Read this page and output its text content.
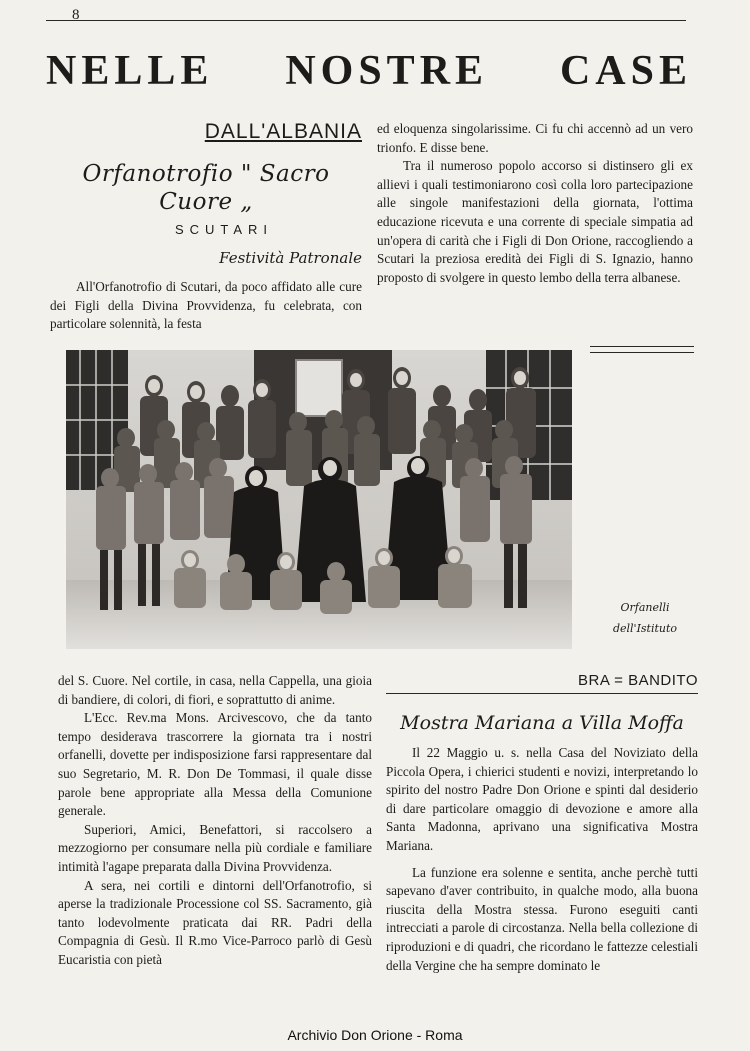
8
NELLE NOSTRE CASE
DALL'ALBANIA
Orfanotrofio " Sacro Cuore „
SCUTARI
Festività Patronale

All'Orfanotrofio di Scutari, da poco affidato alle cure dei Figli della Divina Provvidenza, fu celebrata, con particolare solennità, la festa

ed eloquenza singolarissime. Ci fu chi accennò ad un vero trionfo. E disse bene.

Tra il numeroso popolo accorso si distinsero gli ex allievi i quali testimoniarono così colla loro partecipazione alle singole manifestazioni della giornata, l'ottima educazione ricevuta e una corrente di speciale simpatia ad un'opera di carità che i Figli di Don Orione, raccogliendo a Scutari la preziosa eredità dei Figli di S. Ignazio, hanno proposto di svolgere in questo lembo della terra albanese.

Orfanelli
dell'Istituto

del S. Cuore. Nel cortile, in casa, nella Cappella, una gioia di bandiere, di colori, di fiori, e soprattutto di anime.

L'Ecc. Rev.ma Mons. Arcivescovo, che da tanto tempo desiderava trascorrere la giornata tra i nostri orfanelli, dovette per indisposizione farsi rappresentare dal suo Segretario, M. R. Don De Tommasi, il quale disse parole bene appropriate alla Messa della Comunione generale.

Superiori, Amici, Benefattori, si raccolsero a mezzogiorno per consumare nella più cordiale e familiare intimità l'agape preparata dalla Divina Provvidenza.

A sera, nei cortili e dintorni dell'Orfanotrofio, si aperse la tradizionale Processione col SS. Sacramento, già tanto lodevolmente praticata dai RR. Padri della Compagnia di Gesù. Il R.mo Vice-Parroco parlò di Gesù Eucaristia con pietà

BRA = BANDITO
Mostra Mariana a Villa Moffa

Il 22 Maggio u. s. nella Casa del Noviziato della Piccola Opera, i chierici studenti e novizi, interpretando lo spirito del nostro Padre Don Orione e spinti dal desiderio di dare particolare omaggio di devozione e amore alla Santa Madonna, aprivano una significativa Mostra Mariana.

La funzione era solenne e sentita, anche perchè tutti sapevano d'aver contribuito, in qualche modo, alla buona riuscita della Mostra stessa. Furono eseguiti canti intrecciati a parole di circostanza. Nella bella collezione di riproduzioni e di quadri, che ricordano le fattezze celestiali della Vergine che ha sempre dominato le

Archivio Don Orione - Roma
